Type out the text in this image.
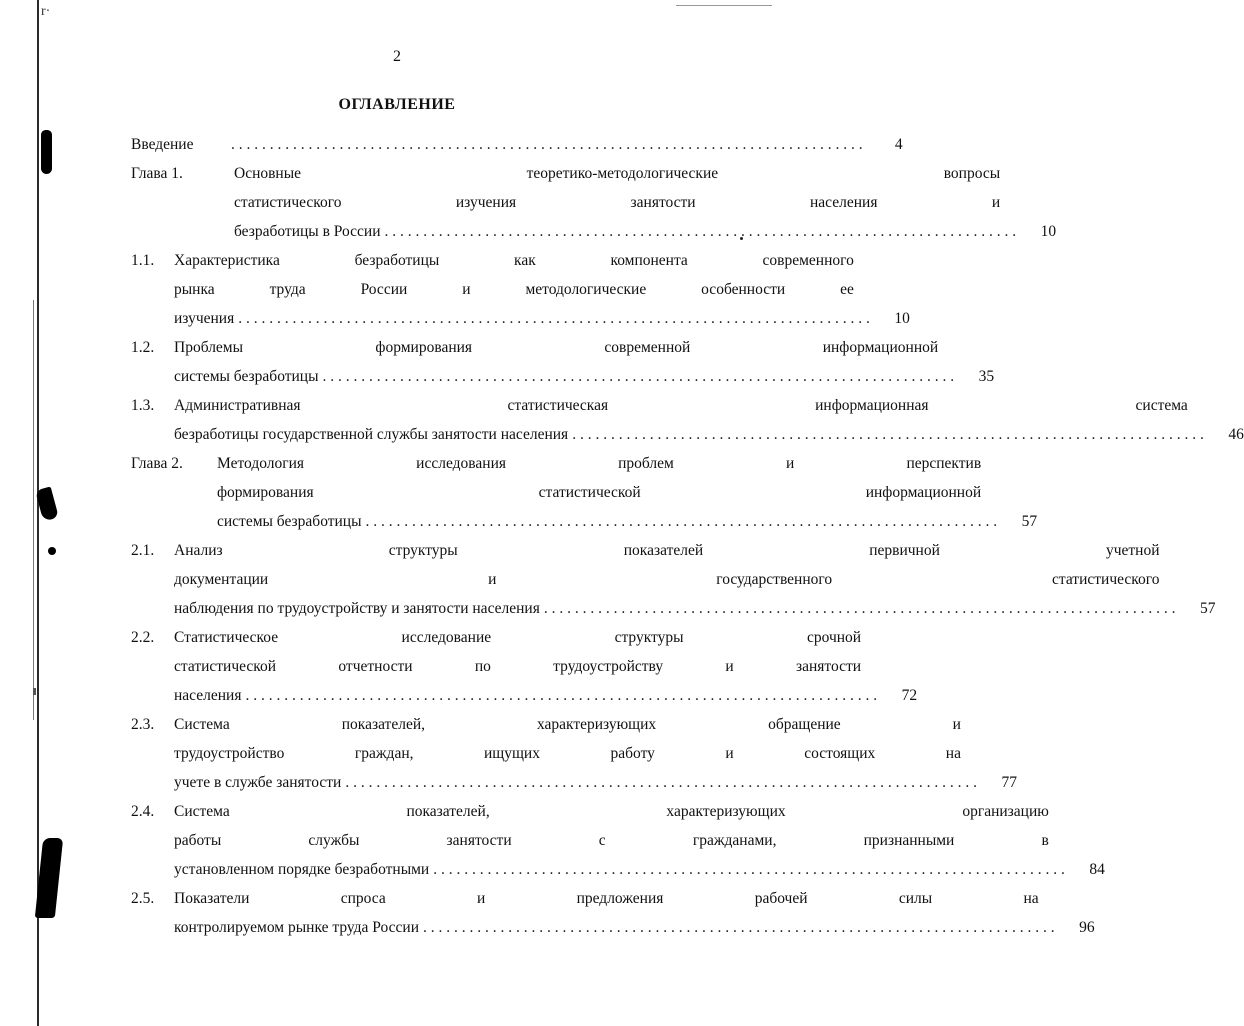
r·
2
ОГЛАВЛЕНИЕ
Введение . . .	4
Глава 1.	Основные теоретико-методологические вопросы
статистического изучения занятости населения и
безработицы в России . . .	10
1.1.	Характеристика безработицы как компонента современного
рынка труда России и методологические особенности ее
изучения . . .	10
1.2.	Проблемы формирования современной информационной
системы безработицы . . .	35
1.3.	Административная статистическая информационная система
безработицы государственной службы занятости населения . . .	46
Глава 2.	Методология исследования проблем и перспектив
формирования статистической информационной
системы безработицы . . .	57
2.1.	Анализ структуры показателей первичной учетной
документации и государственного статистического
наблюдения по трудоустройству и занятости населения . . .	57
2.2.	Статистическое исследование структуры срочной
статистической отчетности по трудоустройству и занятости
населения . . .	72
2.3.	Система показателей, характеризующих обращение и
трудоустройство граждан, ищущих работу и состоящих на
учете в службе занятости . . .	77
2.4.	Система показателей, характеризующих организацию
работы службы занятости с гражданами, признанными в
установленном порядке безработными . . .	84
2.5.	Показатели спроса и предложения рабочей силы на
контролируемом рынке труда России . . .	96
